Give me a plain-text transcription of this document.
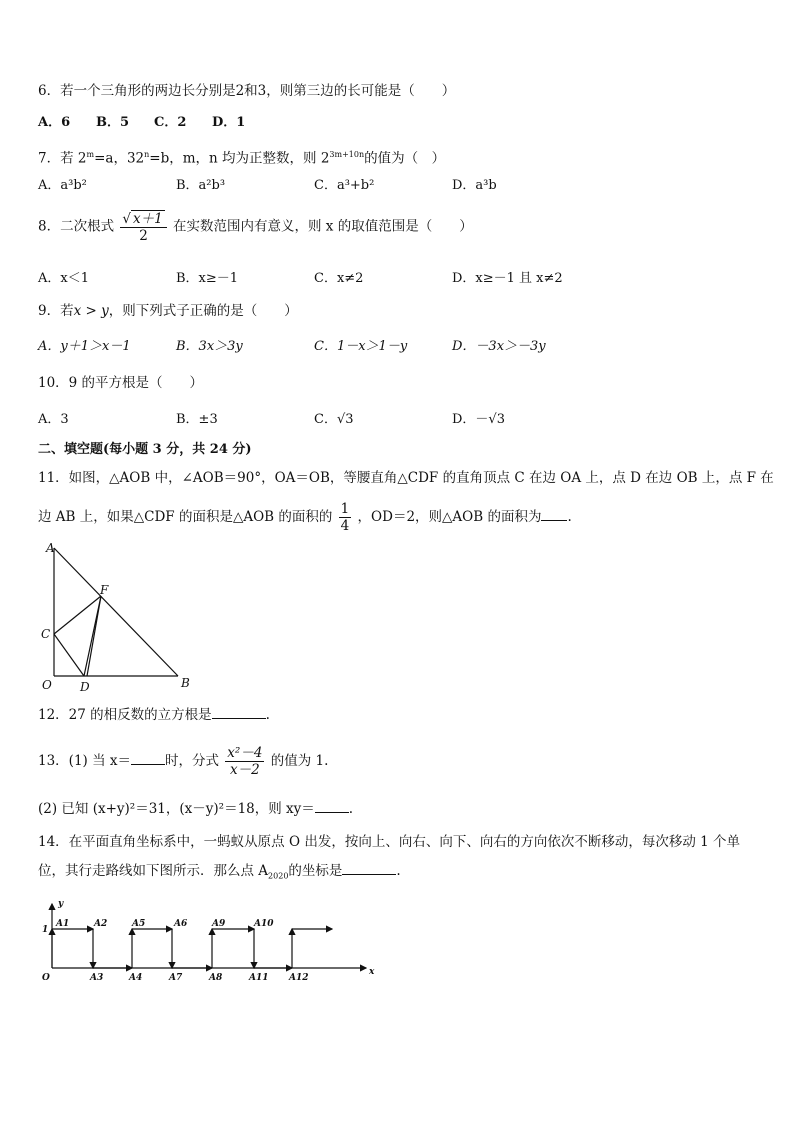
6．若一个三角形的两边长分别是2和3，则第三边的长可能是（　　）
A．6 B．5 C．2 D．1
7．若 $2^m=a$，$32^n=b$，m，n 均为正整数，则 $2^{3m+10n}$的值为（　）
A．a³b²	B．a²b³	C．a³+b²	D．a³b
8．二次根式 $\frac{√ x+1}{2}$ 在实数范围内有意义，则 x 的取值范围是（　　）
A．x＜1	B．x≥－1	C．x≠2	D．x≥－1 且 x≠2
9．若x > y，则下列式子正确的是（　　）
A．y＋1＞x－1	B．3x＞3y	C．1－x＞1－y	D．－3x＞－3y
10．9 的平方根是（　　）
A．3	B．±3	C．√3	D．－√3
二、填空题(每小题 3 分，共 24 分)
11．如图，△AOB 中，∠AOB＝90°，OA＝OB，等腰直角△CDF 的直角顶点 C 在边 OA 上，点 D 在边 OB 上，点 F 在
边 AB 上，如果△CDF 的面积是△AOB 的面积的 $\frac{1}{4}$ ，OD＝2，则△AOB 的面积为 .
A
B
C
D
F
O
12．27 的相反数的立方根是	.
13．(1) 当 x＝	时，分式 $\frac{\text{x²－4}}{x-2}$ 的值为 1.
(2) 已知 (x+y)²＝31，(x－y)²＝18，则 xy＝	.
14．在平面直角坐标系中，一蚂蚁从原点 O 出发，按向上、向右、向下、向右的方向依次不断移动，每次移动 1 个单
位，其行走路线如下图所示．那么点 $A_{2020}$的坐标是	.
y
x
1
O
A1	A2
A3	A4
A5	A6
A7	A8
A9	A10
A11 A12
